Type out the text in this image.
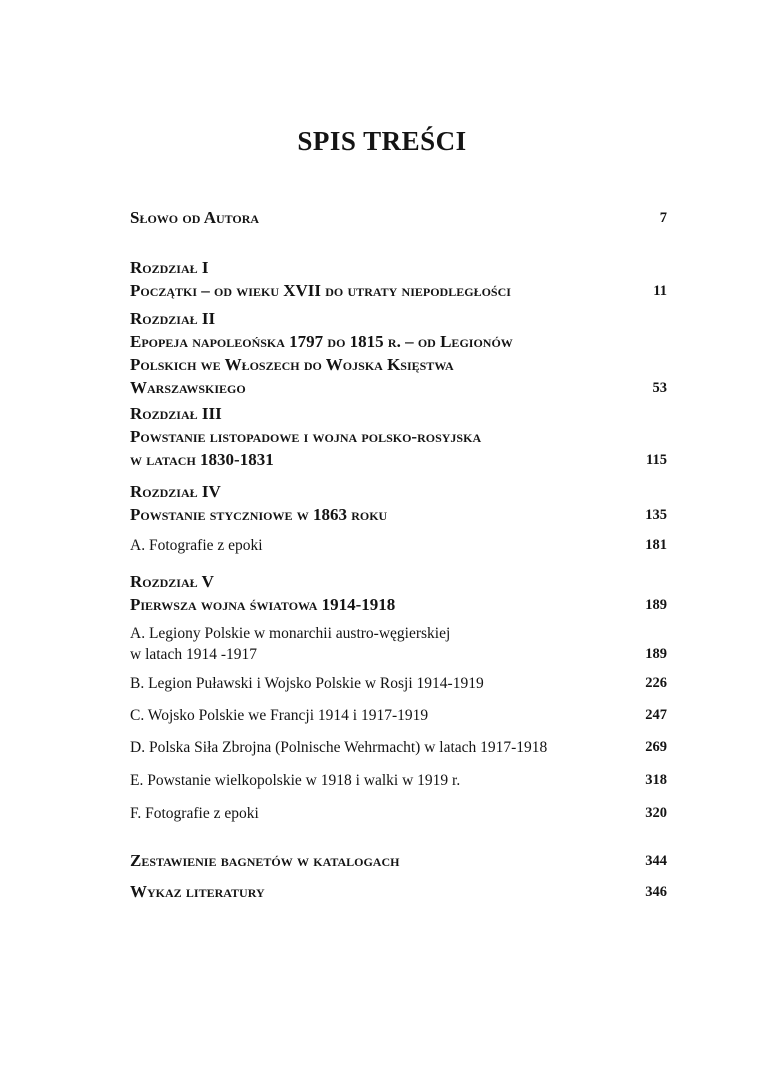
SPIS TREŚCI
Słowo od Autora	7
Rozdział I
Początki – od wieku XVII do utraty niepodległości	11
Rozdział II
Epopeja napoleońska 1797 do 1815 r. – od Legionów
Polskich we Włoszech do Wojska Księstwa
Warszawskiego	53
Rozdział III
Powstanie listopadowe i wojna polsko-rosyjska
w latach 1830-1831	115
Rozdział IV
Powstanie styczniowe w 1863 roku	135
A. Fotografie z epoki	181
Rozdział V
Pierwsza wojna światowa 1914-1918	189
A. Legiony Polskie w monarchii austro-węgierskiej
w latach 1914 -1917	189
B. Legion Puławski i Wojsko Polskie w Rosji 1914-1919	226
C. Wojsko Polskie we Francji 1914 i 1917-1919	247
D. Polska Siła Zbrojna (Polnische Wehrmacht) w latach 1917-1918	269
E. Powstanie wielkopolskie w 1918 i walki w 1919 r.	318
F. Fotografie z epoki	320
Zestawienie bagnetów w katalogach	344
Wykaz literatury	346
